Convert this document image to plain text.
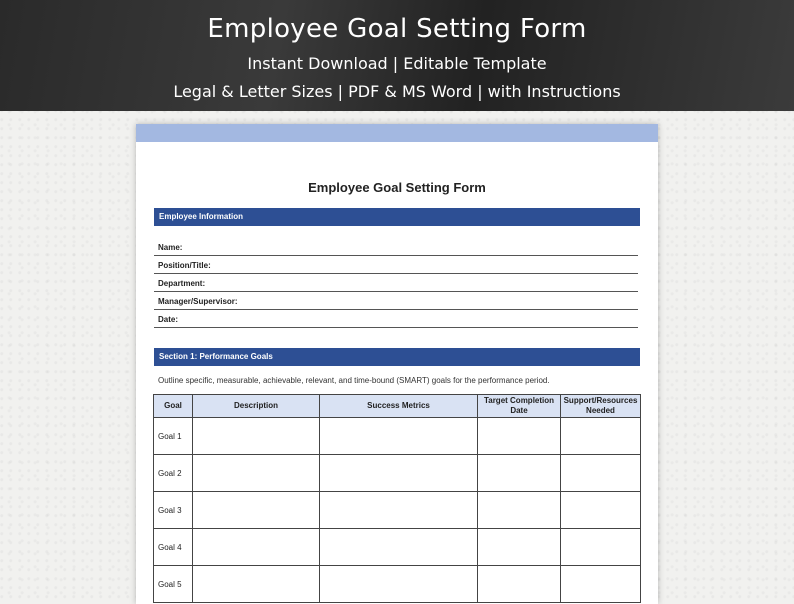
Employee Goal Setting Form
Instant Download | Editable Template
Legal & Letter Sizes | PDF & MS Word | with Instructions
Employee Goal Setting Form
Employee Information
Name:
Position/Title:
Department:
Manager/Supervisor:
Date:
Section 1: Performance Goals
Outline specific, measurable, achievable, relevant, and time-bound (SMART) goals for the performance period.
Goal	Description	Success Metrics	Target Completion Date	Support/Resources Needed
Goal 1				
Goal 2				
Goal 3				
Goal 4				
Goal 5				
